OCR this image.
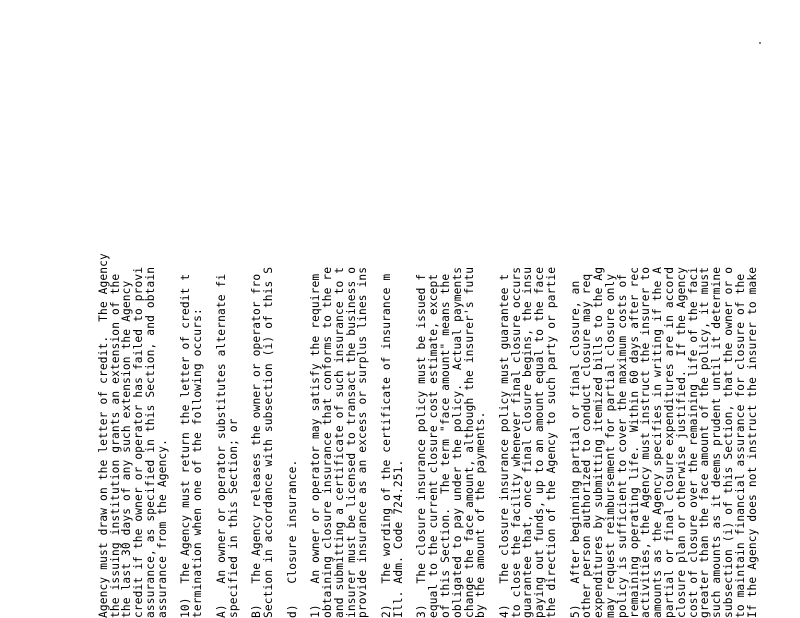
Agency must draw on the letter of credit.  The Agency
the issuing institution grants an extension of the
the last 30 days of any such extension the Agency
credit if the owner or operator has failed to provi
assurance, as specified in this Section, and obtain
assurance from the Agency. 10)  The Agency must return the letter of credit t
termination when one of the following occurs: A)   An owner or operator substitutes alternate fi
specified in this Section; or B)   The Agency releases the owner or operator fro
Section in accordance with subsection (i) of this S d)   Closure insurance. 1)   An owner or operator may satisfy the requirem
obtaining closure insurance that conforms to the re
and submitting a certificate of such insurance to t
insurer must be licensed to transact the business o
provide insurance as an excess or surplus lines ins 2)   The wording of the certificate of insurance m
Ill. Adm. Code 724.251. 3)   The closure insurance policy must be issued f
equal to the current closure cost estimate, except
of this Section.  The term "face amount" means the
obligated to pay under the policy.  Actual payments
change the face amount, although the insurer's futu
by the amount of the payments. 4)   The closure insurance policy must guarantee t
to close the facility whenever final closure occurs
guarantee that, once final closure begins, the insu
paying out funds, up to an amount equal to the face
the direction of the Agency to such party or partie 5)   After beginning partial or final closure, an
other person authorized to conduct closure may req
expenditures by submitting itemized bills to the Ag
may request reimbursement for partial closure only
policy is sufficient to cover the maximum costs of
remaining operating life.  Within 60 days after rec
activities, the Agency must instruct the insurer to
amounts as the Agency specifies in writing if the A
partial or final closure expenditures are in accord
closure plan or otherwise justified.  If the Agency
cost of closure over the remaining life of the faci
greater than the face amount of the policy, it must
such amounts as it deems prudent until it determine
subsection (i) of this Section, that the owner or o
to maintain financial assurance for closure of the
If the Agency does not instruct the insurer to make
